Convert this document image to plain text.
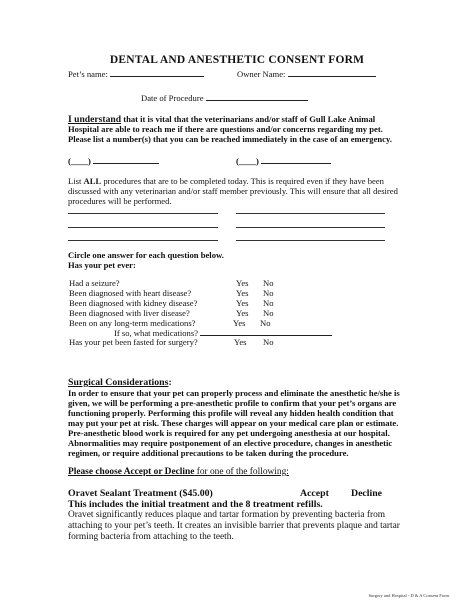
DENTAL AND ANESTHETIC CONSENT FORM
Pet’s name:	Owner Name:
Date of Procedure
I understand that it is vital that the veterinarians and/or staff of Gull Lake Animal
Hospital are able to reach me if there are questions and/or concerns regarding my pet.
Please list a number(s) that you can be reached immediately in the case of an emergency.
(____)	(____)
List ALL procedures that are to be completed today. This is required even if they have been
discussed with any veterinarian and/or staff member previously. This will ensure that all desired
procedures will be performed.
Circle one answer for each question below.
Has your pet ever:
Had a seizure?	Yes No
Been diagnosed with heart disease?	Yes No
Been diagnosed with kidney disease?	Yes No
Been diagnosed with liver disease?	Yes No
Been on any long-term medications?	Yes No
If so, what medications?
Has your pet been fasted for surgery?	Yes No
Surgical Considerations:
In order to ensure that your pet can properly process and eliminate the anesthetic he/she is
given, we will be performing a pre-anesthetic profile to confirm that your pet’s organs are
functioning properly. Performing this profile will reveal any hidden health condition that
may put your pet at risk. These charges will appear on your medical care plan or estimate.
Pre-anesthetic blood work is required for any pet undergoing anesthesia at our hospital.
Abnormalities may require postponement of an elective procedure, changes in anesthetic
regimen, or require additional precautions to be taken during the procedure.
Please choose Accept or Decline for one of the following:
Oravet Sealant Treatment ($45.00)	Accept Decline
This includes the initial treatment and the 8 treatment refills.
Oravet significantly reduces plaque and tartar formation by preventing bacteria from
attaching to your pet’s teeth. It creates an invisible barrier that prevents plaque and tartar
forming bacteria from attaching to the teeth.
Surgery and Hospital - D & A Consent Form
